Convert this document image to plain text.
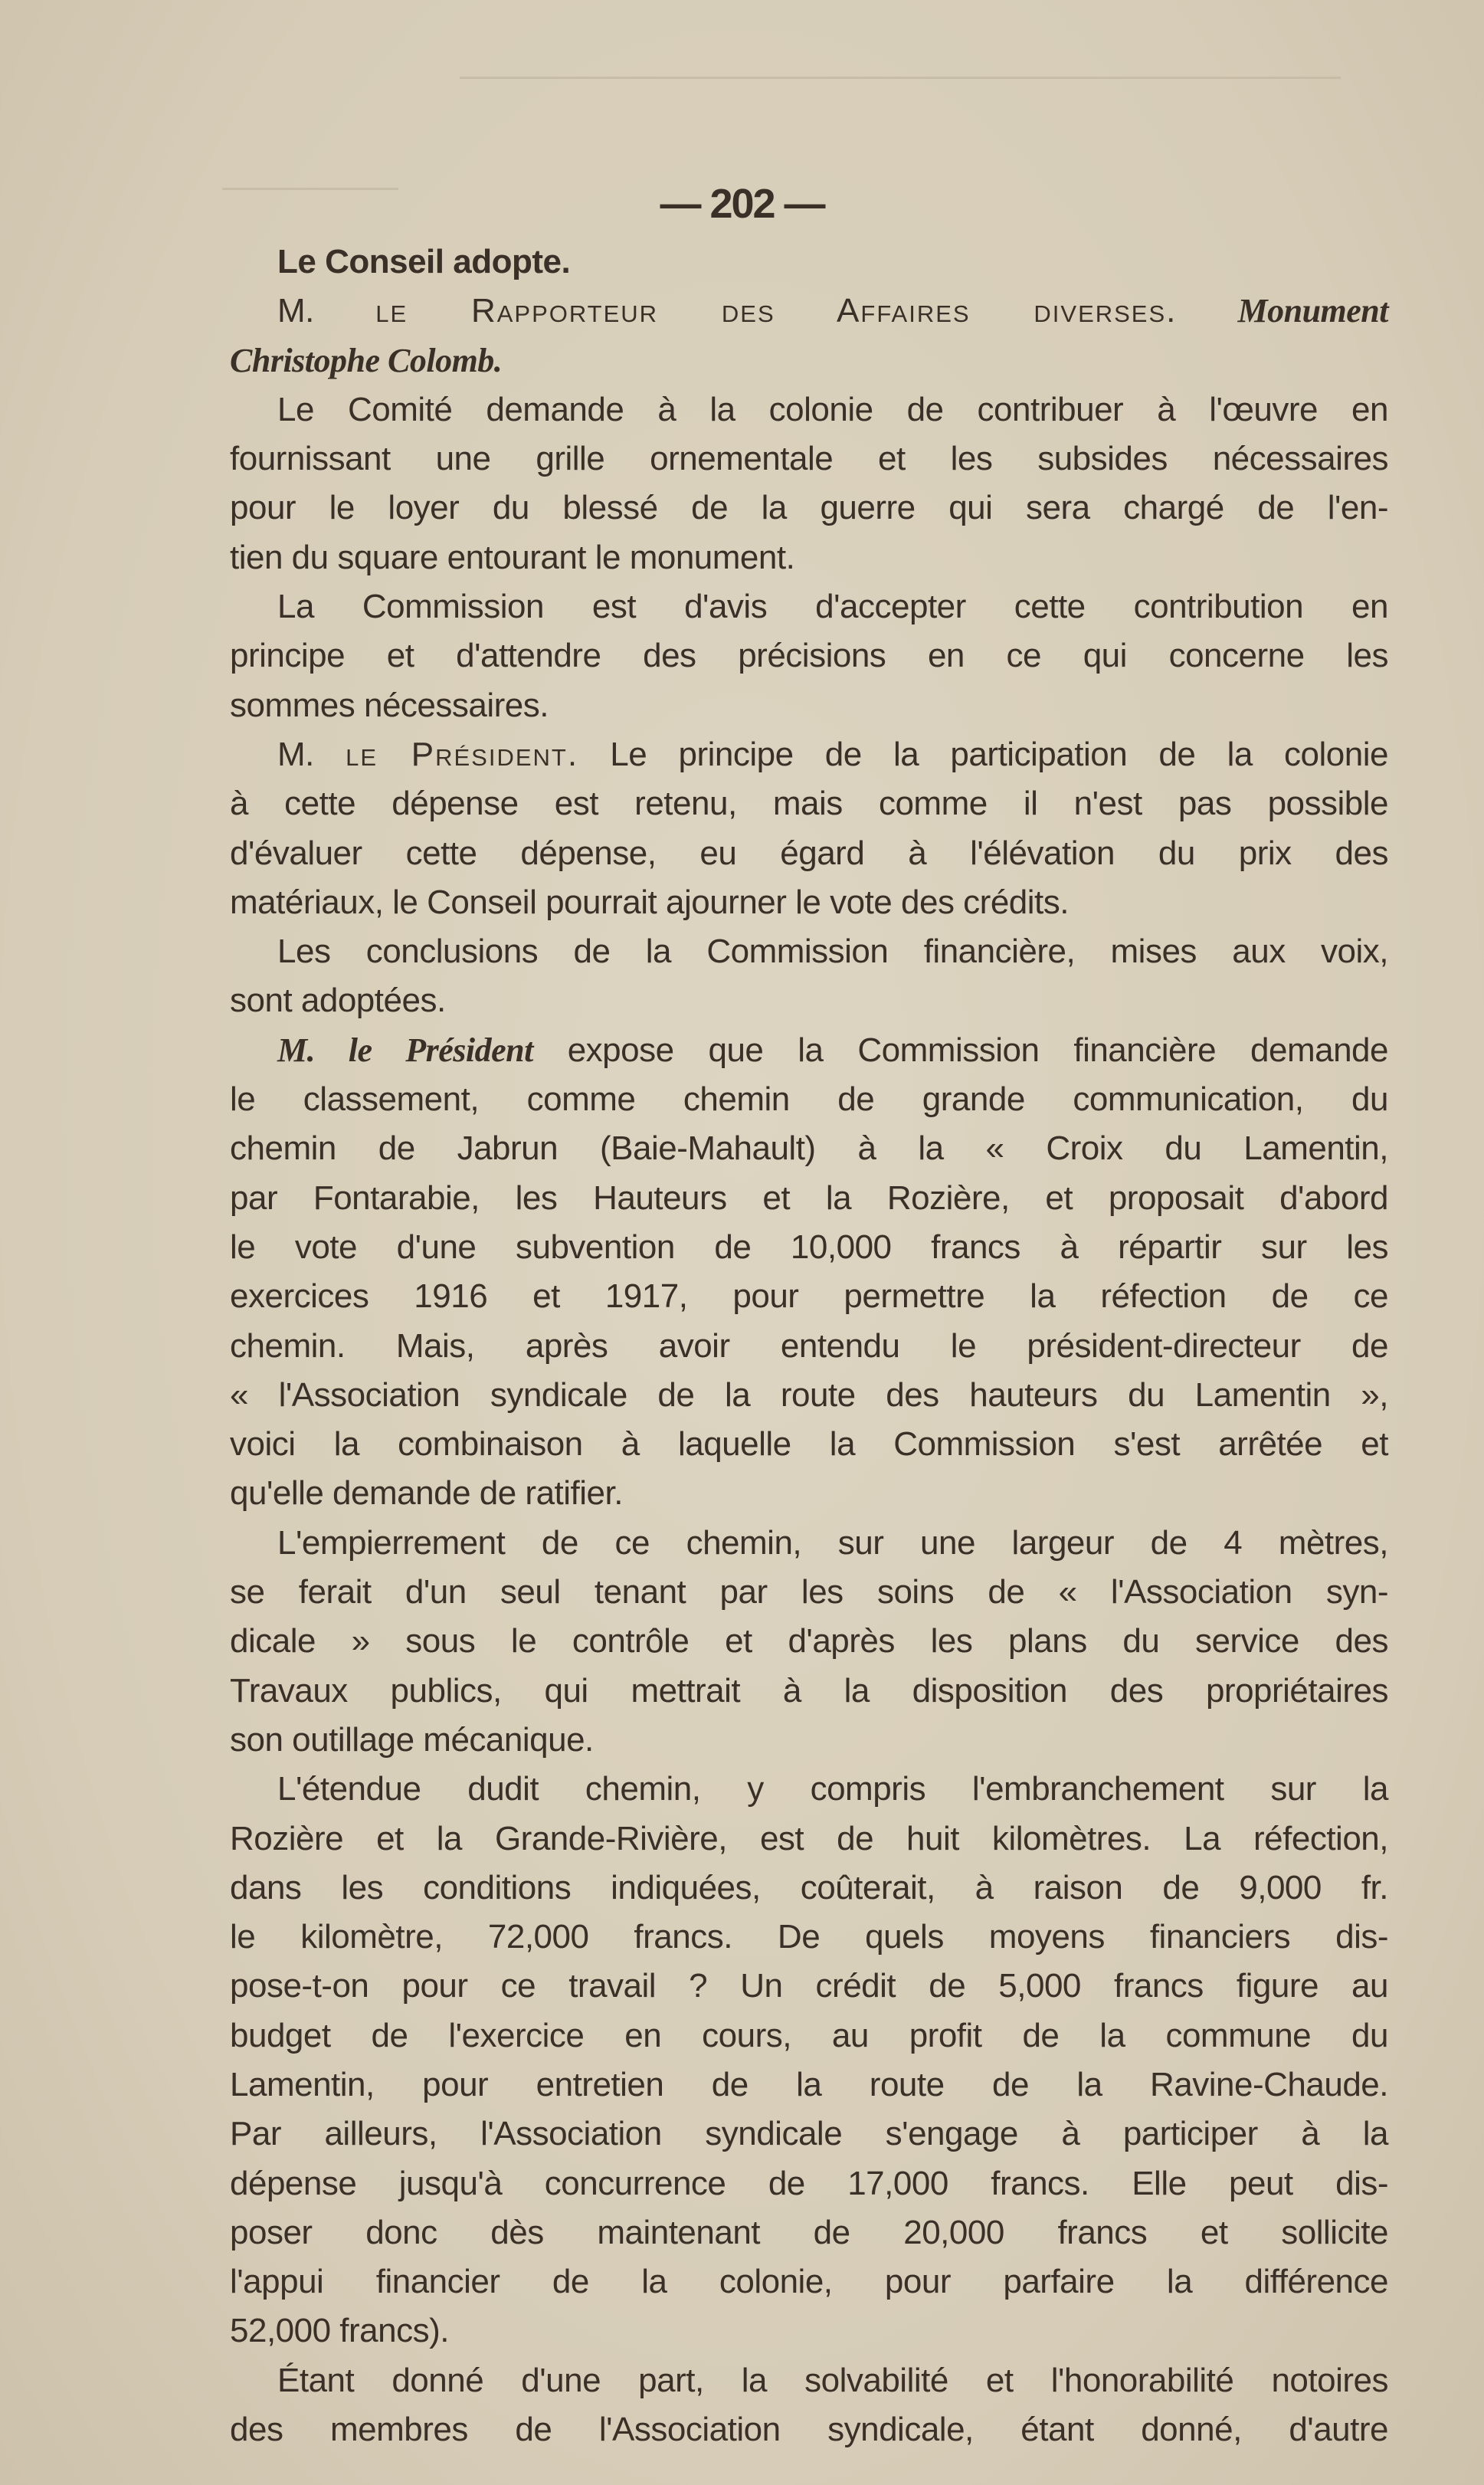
— 202 —
Le Conseil adopte.
M. le Rapporteur des Affaires diverses. Monument
Christophe Colomb.
Le Comité demande à la colonie de contribuer à l'œuvre en
fournissant une grille ornementale et les subsides nécessaires
pour le loyer du blessé de la guerre qui sera chargé de l'en-
tien du square entourant le monument.
La Commission est d'avis d'accepter cette contribution en
principe et d'attendre des précisions en ce qui concerne les
sommes nécessaires.
M. le Président. Le principe de la participation de la colonie
à cette dépense est retenu, mais comme il n'est pas possible
d'évaluer cette dépense, eu égard à l'élévation du prix des
matériaux, le Conseil pourrait ajourner le vote des crédits.
Les conclusions de la Commission financière, mises aux voix,
sont adoptées.
M. le Président expose que la Commission financière demande
le classement, comme chemin de grande communication, du
chemin de Jabrun (Baie-Mahault) à la « Croix du Lamentin,
par Fontarabie, les Hauteurs et la Rozière, et proposait d'abord
le vote d'une subvention de 10,000 francs à répartir sur les
exercices 1916 et 1917, pour permettre la réfection de ce
chemin. Mais, après avoir entendu le président-directeur de
« l'Association syndicale de la route des hauteurs du Lamentin »,
voici la combinaison à laquelle la Commission s'est arrêtée et
qu'elle demande de ratifier.
L'empierrement de ce chemin, sur une largeur de 4 mètres,
se ferait d'un seul tenant par les soins de « l'Association syn-
dicale » sous le contrôle et d'après les plans du service des
Travaux publics, qui mettrait à la disposition des propriétaires
son outillage mécanique.
L'étendue dudit chemin, y compris l'embranchement sur la
Rozière et la Grande-Rivière, est de huit kilomètres. La réfection,
dans les conditions indiquées, coûterait, à raison de 9,000 fr.
le kilomètre, 72,000 francs. De quels moyens financiers dis-
pose-t-on pour ce travail ? Un crédit de 5,000 francs figure au
budget de l'exercice en cours, au profit de la commune du
Lamentin, pour entretien de la route de la Ravine-Chaude.
Par ailleurs, l'Association syndicale s'engage à participer à la
dépense jusqu'à concurrence de 17,000 francs. Elle peut dis-
poser donc dès maintenant de 20,000 francs et sollicite
l'appui financier de la colonie, pour parfaire la différence
52,000 francs).
Étant donné d'une part, la solvabilité et l'honorabilité notoires
des membres de l'Association syndicale, étant donné, d'autre
